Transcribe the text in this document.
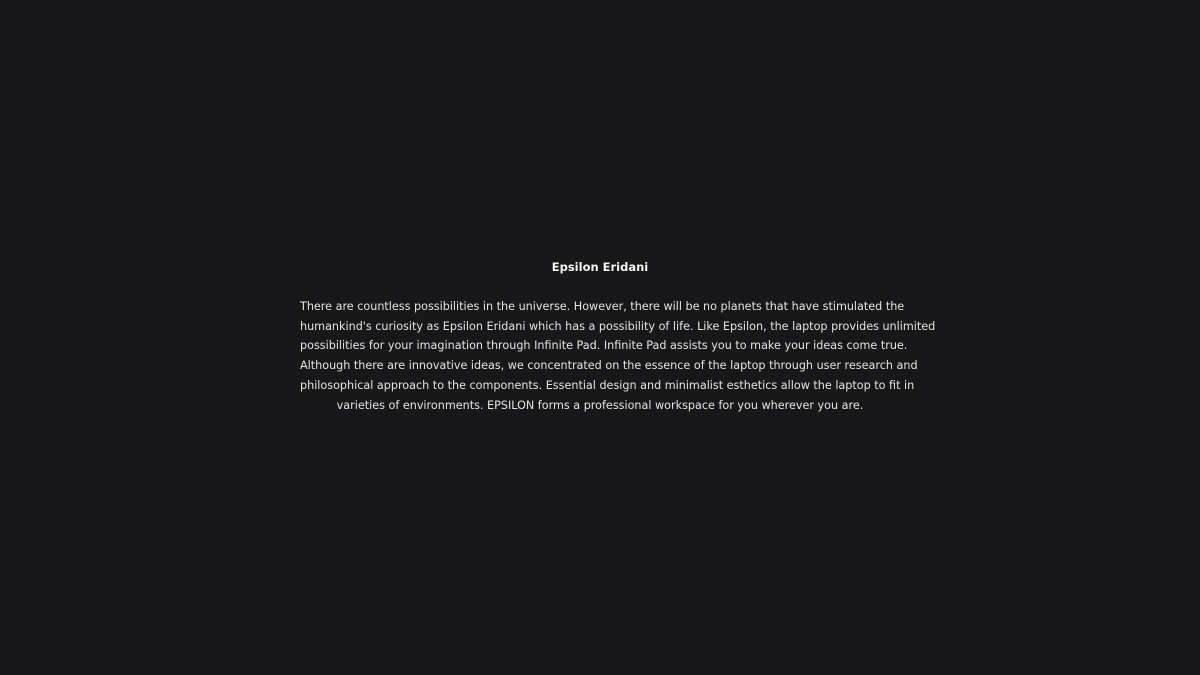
Epsilon Eridani

There are countless possibilities in the universe. However, there will be no planets that have stimulated the
humankind's curiosity as Epsilon Eridani which has a possibility of life. Like Epsilon, the laptop provides unlimited
possibilities for your imagination through Infinite Pad. Infinite Pad assists you to make your ideas come true.
Although there are innovative ideas, we concentrated on the essence of the laptop through user research and
philosophical approach to the components. Essential design and minimalist esthetics allow the laptop to fit in
varieties of environments. EPSILON forms a professional workspace for you wherever you are.
